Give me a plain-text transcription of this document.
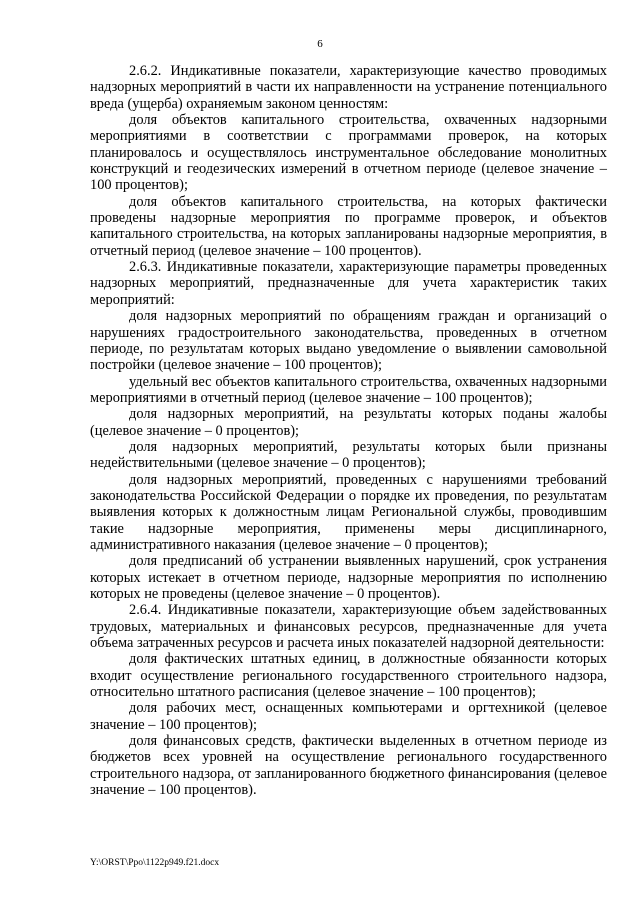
6

2.6.2. Индикативные показатели, характеризующие качество проводимых надзорных мероприятий в части их направленности на устранение потенциального вреда (ущерба) охраняемым законом ценностям:

доля объектов капитального строительства, охваченных надзорными мероприятиями в соответствии с программами проверок, на которых планировалось и осуществлялось инструментальное обследование монолитных конструкций и геодезических измерений в отчетном периоде (целевое значение – 100 процентов);

доля объектов капитального строительства, на которых фактически проведены надзорные мероприятия по программе проверок, и объектов капитального строительства, на которых запланированы надзорные мероприятия, в отчетный период (целевое значение – 100 процентов).

2.6.3. Индикативные показатели, характеризующие параметры проведенных надзорных мероприятий, предназначенные для учета характеристик таких мероприятий:

доля надзорных мероприятий по обращениям граждан и организаций о нарушениях градостроительного законодательства, проведенных в отчетном периоде, по результатам которых выдано уведомление о выявлении самовольной постройки (целевое значение – 100 процентов);

удельный вес объектов капитального строительства, охваченных надзорными мероприятиями в отчетный период (целевое значение – 100 процентов);

доля надзорных мероприятий, на результаты которых поданы жалобы (целевое значение – 0 процентов);

доля надзорных мероприятий, результаты которых были признаны недействительными (целевое значение – 0 процентов);

доля надзорных мероприятий, проведенных с нарушениями требований законодательства Российской Федерации о порядке их проведения, по результатам выявления которых к должностным лицам Региональной службы, проводившим такие надзорные мероприятия, применены меры дисциплинарного, административного наказания (целевое значение – 0 процентов);

доля предписаний об устранении выявленных нарушений, срок устранения которых истекает в отчетном периоде, надзорные мероприятия по исполнению которых не проведены (целевое значение – 0 процентов).

2.6.4. Индикативные показатели, характеризующие объем задействованных трудовых, материальных и финансовых ресурсов, предназначенные для учета объема затраченных ресурсов и расчета иных показателей надзорной деятельности:

доля фактических штатных единиц, в должностные обязанности которых входит осуществление регионального государственного строительного надзора, относительно штатного расписания (целевое значение – 100 процентов);

доля рабочих мест, оснащенных компьютерами и оргтехникой (целевое значение – 100 процентов);

доля финансовых средств, фактически выделенных в отчетном периоде из бюджетов всех уровней на осуществление регионального государственного строительного надзора, от запланированного бюджетного финансирования (целевое значение – 100 процентов).

Y:\ORST\Ppo\1122p949.f21.docx
